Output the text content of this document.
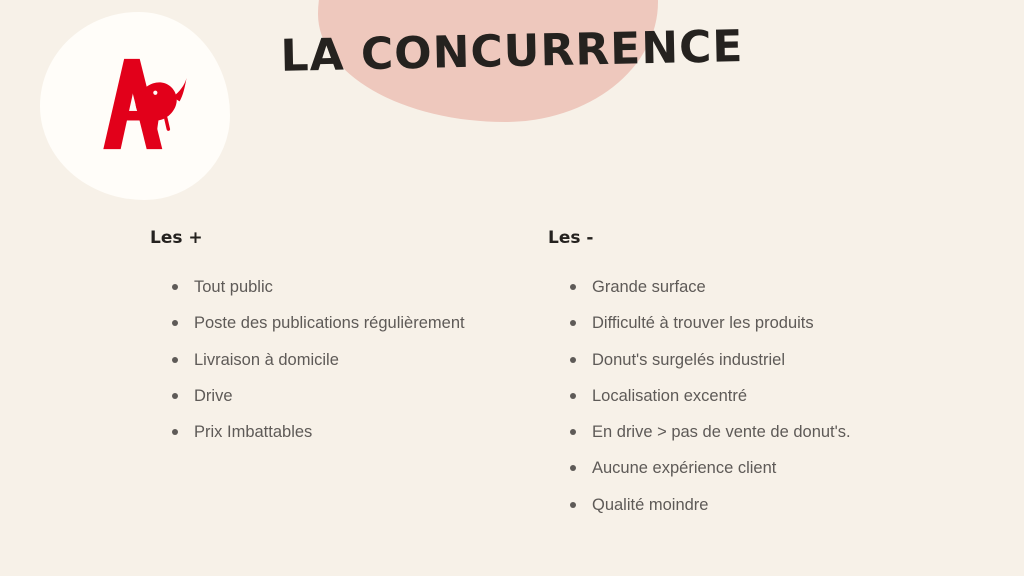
LA CONCURRENCE
Les +
Tout public
Poste des publications régulièrement
Livraison à domicile
Drive
Prix Imbattables
Les -
Grande surface
Difficulté à trouver les produits
Donut's surgelés industriel
Localisation excentré
En drive > pas de vente de donut's.
Aucune expérience client
Qualité moindre
